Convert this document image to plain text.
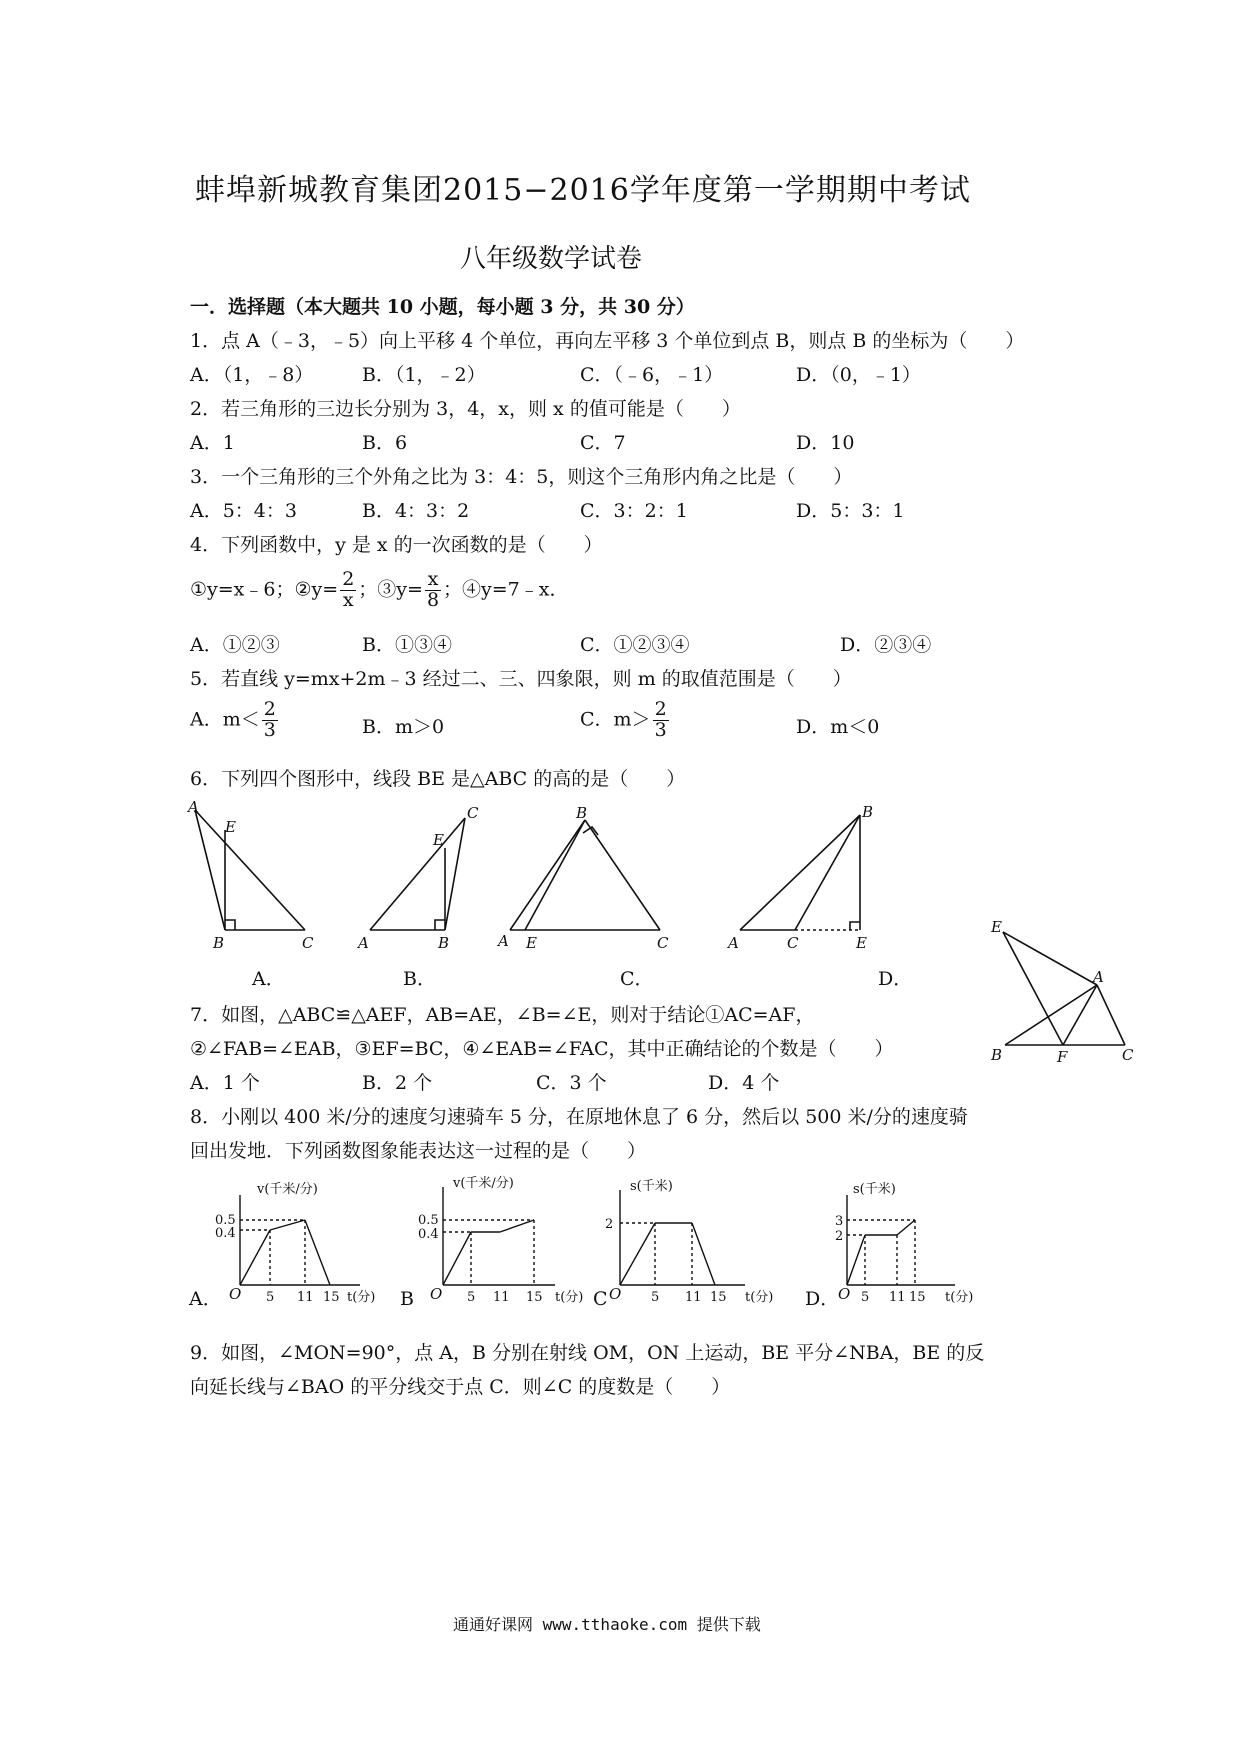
蚌埠新城教育集团2015−2016学年度第一学期期中考试
八年级数学试卷
一．选择题（本大题共 10 小题，每小题 3 分，共 30 分）
1．点 A（﹣3，﹣5）向上平移 4 个单位，再向左平移 3 个单位到点 B，则点 B 的坐标为（　　）
A．（1，﹣8）	B．（1，﹣2）	C．（﹣6，﹣1）	D．（0，﹣1）
2．若三角形的三边长分别为 3，4，x，则 x 的值可能是（　　）
A．1	B．6	C．7	D．10
3．一个三角形的三个外角之比为 3：4：5，则这个三角形内角之比是（　　）
A．5：4：3	B．4：3：2	C．3：2：1	D．5：3：1
4．下列函数中，y 是 x 的一次函数的是（　　）
①y=x﹣6；②y= $\frac{2}{x}$ ；③y= $\frac{x}{8}$ ；④y=7﹣x．
A．①②③	B．①③④	C．①②③④	D．②③④
5．若直线 y=mx+2m﹣3 经过二、三、四象限，则 m 的取值范围是（　　）
A．$m< \frac{2}{3}$	B．m＞0	C．$m> \frac{2}{3}$	D．m＜0
6．下列四个图形中，线段 BE 是△ABC 的高的是（　　）
A
E
B	C	A	B
C
E
B
A E	C
B
A	C	E
A．	B．	C．	D．
7．如图，△ABC≌△AEF，AB=AE，∠B=∠E，则对于结论①AC=AF，
②∠FAB=∠EAB，③EF=BC，④∠EAB=∠FAC，其中正确结论的个数是（　　）
A．1 个	B．2 个	C．3 个	D．4 个
E
A
B	F	C
8．小刚以 400 米/分的速度匀速骑车 5 分，在原地休息了 6 分，然后以 500 米/分的速度骑
回出发地．下列函数图象能表达这一过程的是（　　）
v(千米/分)
0.5
0.4
O 5 11 15 t(分)
A．
v(千米/分)
0.5
0.4
O 5 11 15 t(分)
B
s(千米)
2
O 5 11 15 t(分)
C
s(千米)
3
2
O 5 11 15 t(分)
D．
9．如图，∠MON=90°，点 A，B 分别在射线 OM，ON 上运动，BE 平分∠NBA，BE 的反
向延长线与∠BAO 的平分线交于点 C．则∠C 的度数是（　　）
通通好课网 www.tthaoke.com 提供下载
